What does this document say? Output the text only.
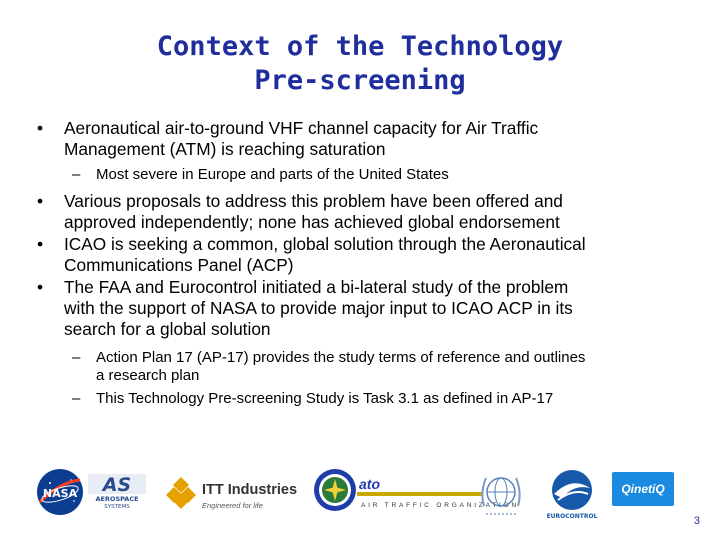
Context of the Technology
Pre-screening
•	Aeronautical air-to-ground VHF channel capacity for Air Traffic
Management (ATM) is reaching saturation
– Most severe in Europe and parts of the United States
•	Various proposals to address this problem have been offered and
approved independently; none has achieved global endorsement
•	ICAO is seeking a common, global solution through the Aeronautical
Communications Panel (ACP)
•	The FAA and Eurocontrol initiated a bi-lateral study of the problem
with the support of NASA to provide major input to ICAO ACP in its
search for a global solution
– Action Plan 17 (AP-17) provides the study terms of reference and outlines
a research plan
– This Technology Pre-screening Study is Task 3.1 as defined in AP-17
NASA AS
AEROSPACE
SYSTEMS
ITT Industries
Engineered for life
ato
AIR TRAFFIC ORGANIZATION
EUROCONTROL
QinetiQ
3
